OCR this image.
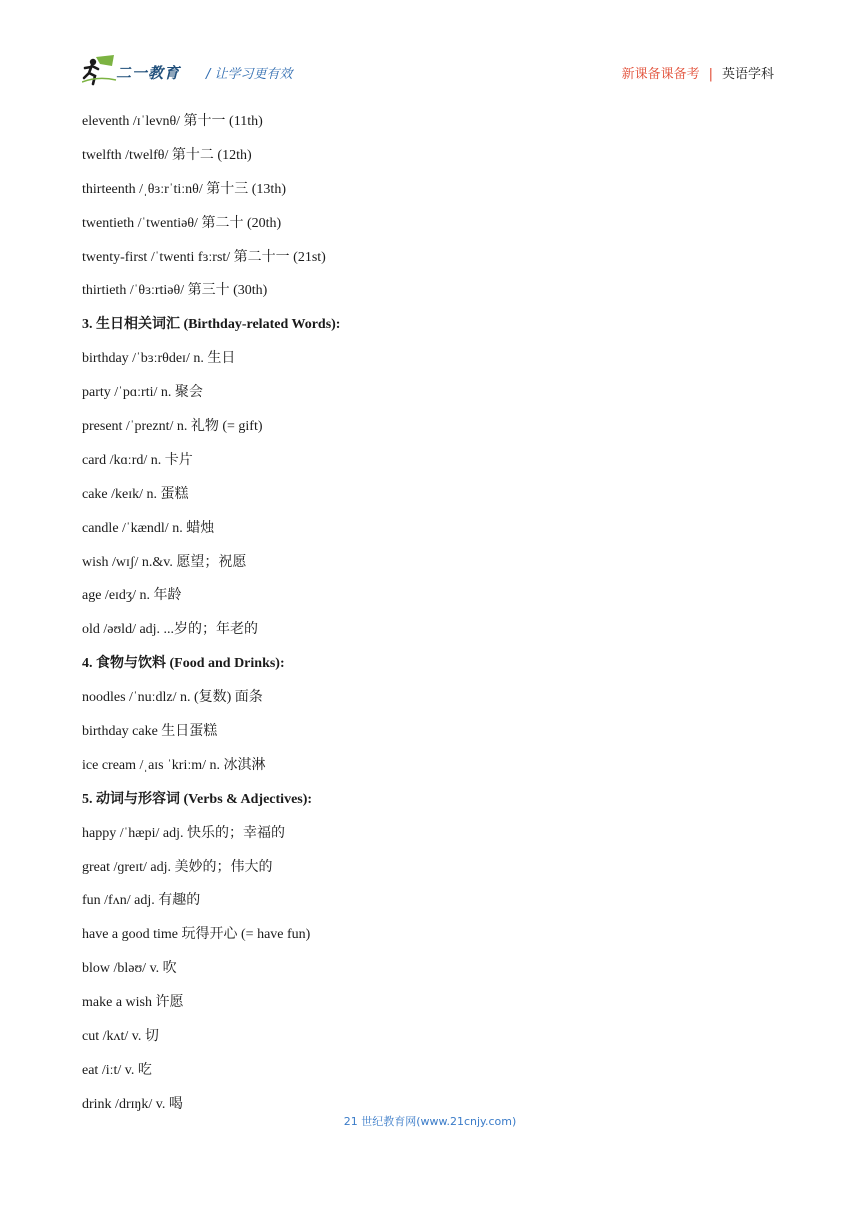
二一教育 / 让学习更有效	新课备课备考 | 英语学科
eleventh /ɪˈlevnθ/ 第十一 (11th)
twelfth /twelfθ/ 第十二 (12th)
thirteenth /ˌθɜːrˈtiːnθ/ 第十三 (13th)
twentieth /ˈtwentiəθ/ 第二十 (20th)
twenty-first /ˈtwenti fɜːrst/ 第二十一 (21st)
thirtieth /ˈθɜːrtiəθ/ 第三十 (30th)
3. 生日相关词汇 (Birthday-related Words):
birthday /ˈbɜːrθdeɪ/ n. 生日
party /ˈpɑːrti/ n. 聚会
present /ˈpreznt/ n. 礼物 (= gift)
card /kɑːrd/ n. 卡片
cake /keɪk/ n. 蛋糕
candle /ˈkændl/ n. 蜡烛
wish /wɪʃ/ n.&v. 愿望；祝愿
age /eɪdʒ/ n. 年龄
old /əʊld/ adj. ...岁的；年老的
4. 食物与饮料 (Food and Drinks):
noodles /ˈnuːdlz/ n. (复数) 面条
birthday cake 生日蛋糕
ice cream /ˌaɪs ˈkriːm/ n. 冰淇淋
5. 动词与形容词 (Verbs & Adjectives):
happy /ˈhæpi/ adj. 快乐的；幸福的
great /ɡreɪt/ adj. 美妙的；伟大的
fun /fʌn/ adj. 有趣的
have a good time 玩得开心 (= have fun)
blow /bləʊ/ v. 吹
make a wish 许愿
cut /kʌt/ v. 切
eat /iːt/ v. 吃
drink /drɪŋk/ v. 喝
21 世纪教育网(www.21cnjy.com)
